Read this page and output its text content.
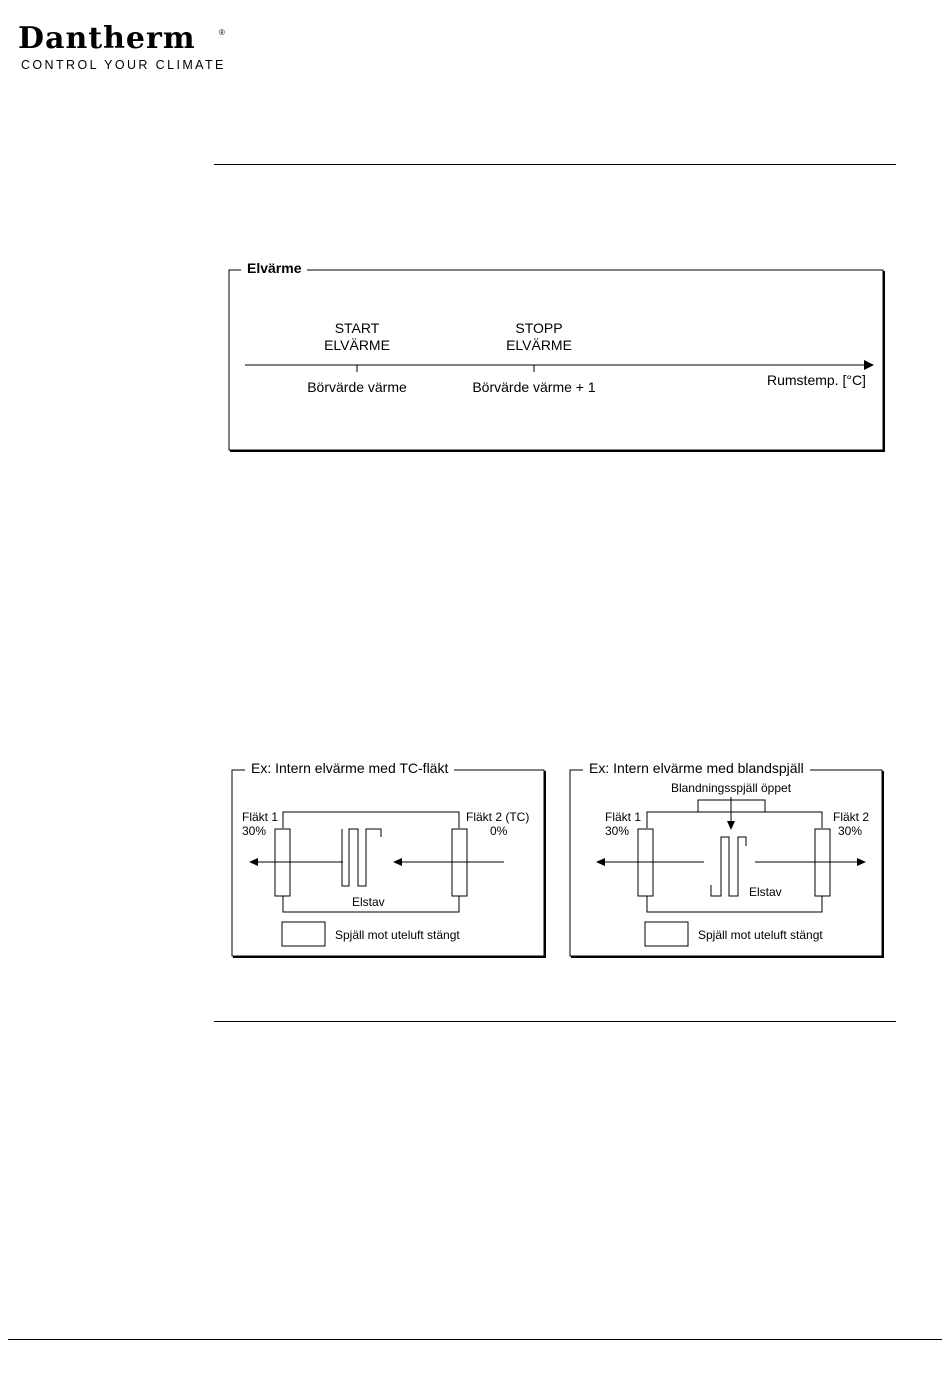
Dantherm	®
CONTROL YOUR CLIMATE
Elvärme
START
ELVÄRME
STOPP
ELVÄRME
Börvärde värme	Börvärde värme + 1	Rumstemp. [°C]
Ex: Intern elvärme med TC-fläkt
Fläkt 1
30%
Fläkt 2 (TC)
0%
Elstav
Spjäll mot uteluft stängt
Ex: Intern elvärme med blandspjäll
Blandningsspjäll öppet
Fläkt 1
30%
Fläkt 2
30%
Elstav
Spjäll mot uteluft stängt
